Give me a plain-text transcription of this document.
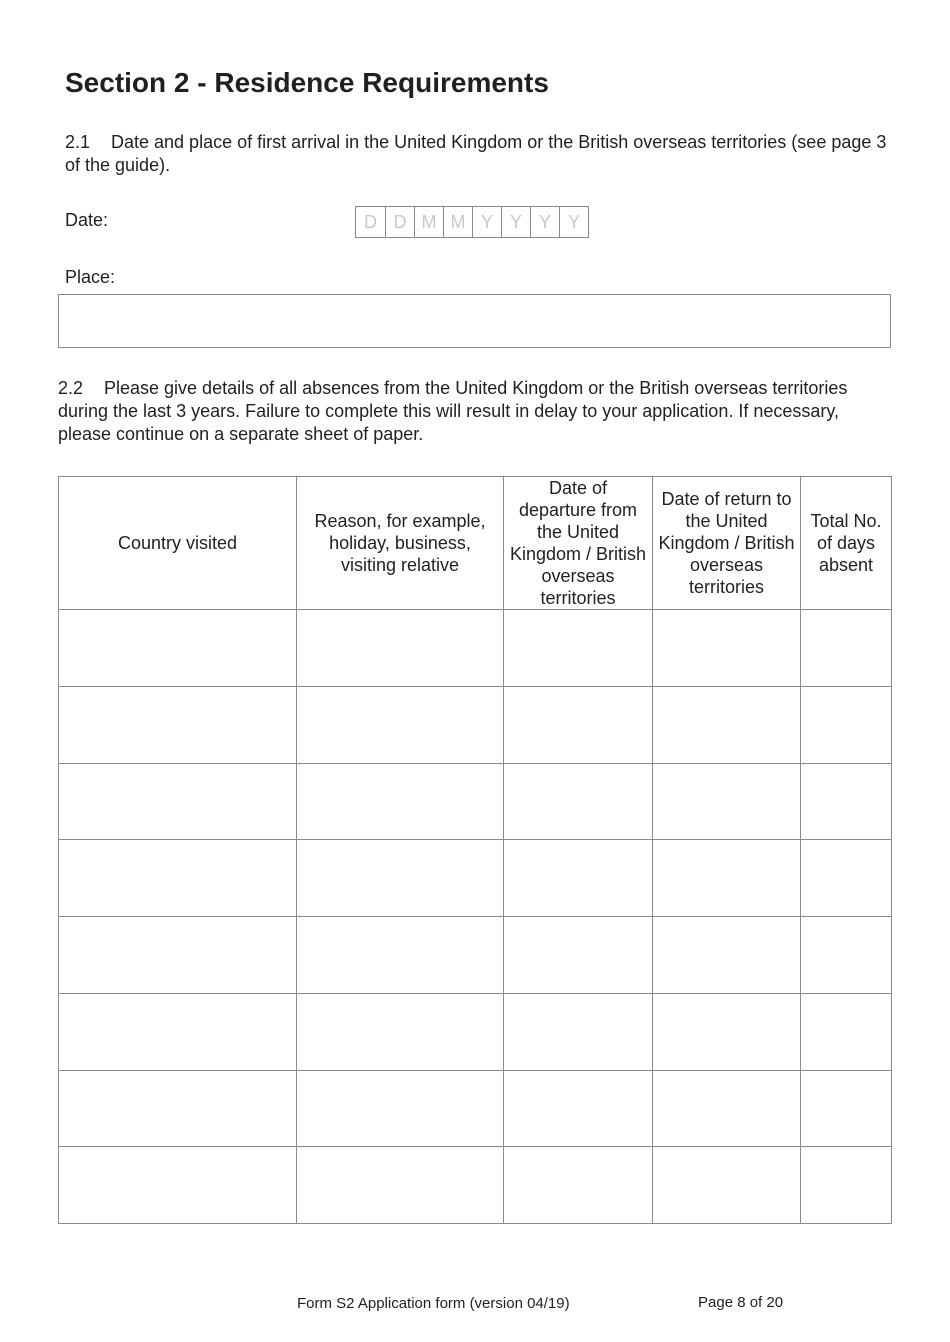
Section 2 - Residence Requirements
2.1 Date and place of first arrival in the United Kingdom or the British overseas territories (see page 3 of the guide).
Date:	D D M M Y Y Y Y
Place:
2.2 Please give details of all absences from the United Kingdom or the British overseas territories during the last 3 years. Failure to complete this will result in delay to your application. If necessary, please continue on a separate sheet of paper.
Country visited	Reason, for example, holiday, business, visiting relative	Date of departure from the United Kingdom / British overseas territories	Date of return to the United Kingdom / British overseas territories	Total No. of days absent

Form S2 Application form (version 04/19)	Page 8 of 20
